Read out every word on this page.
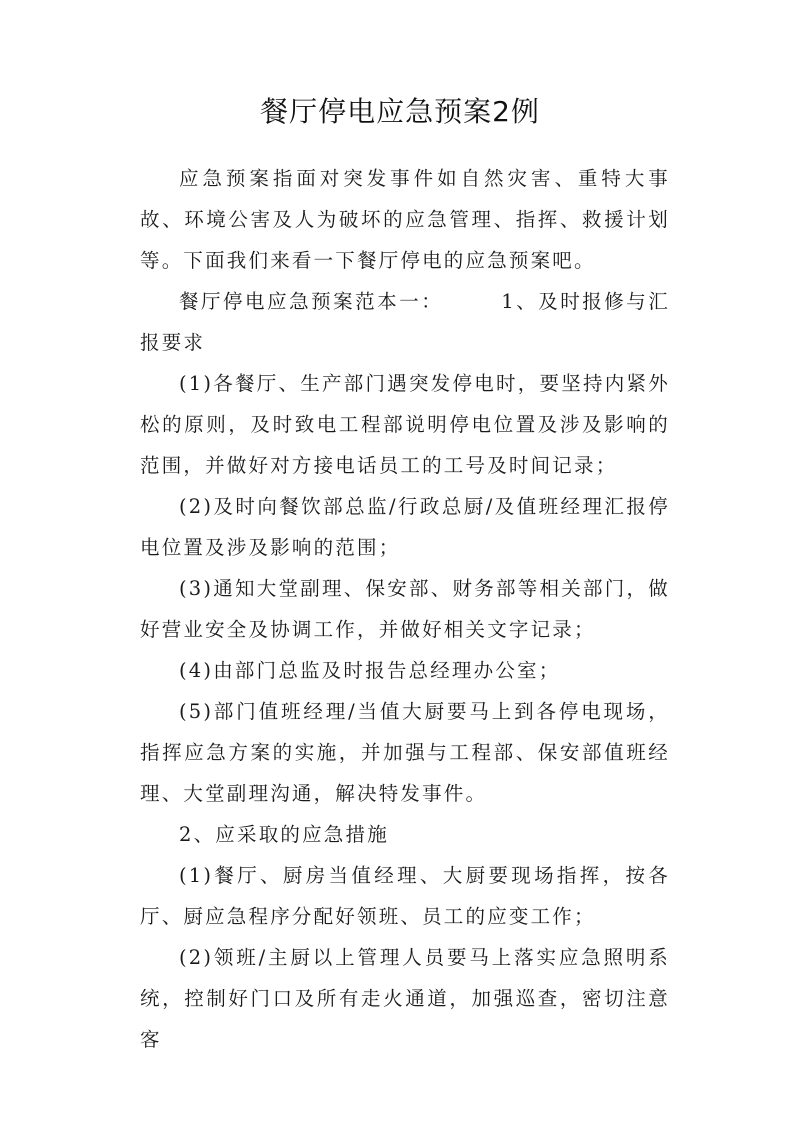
餐厅停电应急预案2例

应急预案指面对突发事件如自然灾害、重特大事故、环境公害及人为破坏的应急管理、指挥、救援计划等。下面我们来看一下餐厅停电的应急预案吧。

餐厅停电应急预案范本一：	1、及时报修与汇报要求

(1)各餐厅、生产部门遇突发停电时，要坚持内紧外松的原则，及时致电工程部说明停电位置及涉及影响的范围，并做好对方接电话员工的工号及时间记录；

(2)及时向餐饮部总监/行政总厨/及值班经理汇报停电位置及涉及影响的范围；

(3)通知大堂副理、保安部、财务部等相关部门，做好营业安全及协调工作，并做好相关文字记录；

(4)由部门总监及时报告总经理办公室；

(5)部门值班经理/当值大厨要马上到各停电现场，指挥应急方案的实施，并加强与工程部、保安部值班经理、大堂副理沟通，解决特发事件。

2、应采取的应急措施

(1)餐厅、厨房当值经理、大厨要现场指挥，按各厅、厨应急程序分配好领班、员工的应变工作；

(2)领班/主厨以上管理人员要马上落实应急照明系统，控制好门口及所有走火通道，加强巡查，密切注意客
